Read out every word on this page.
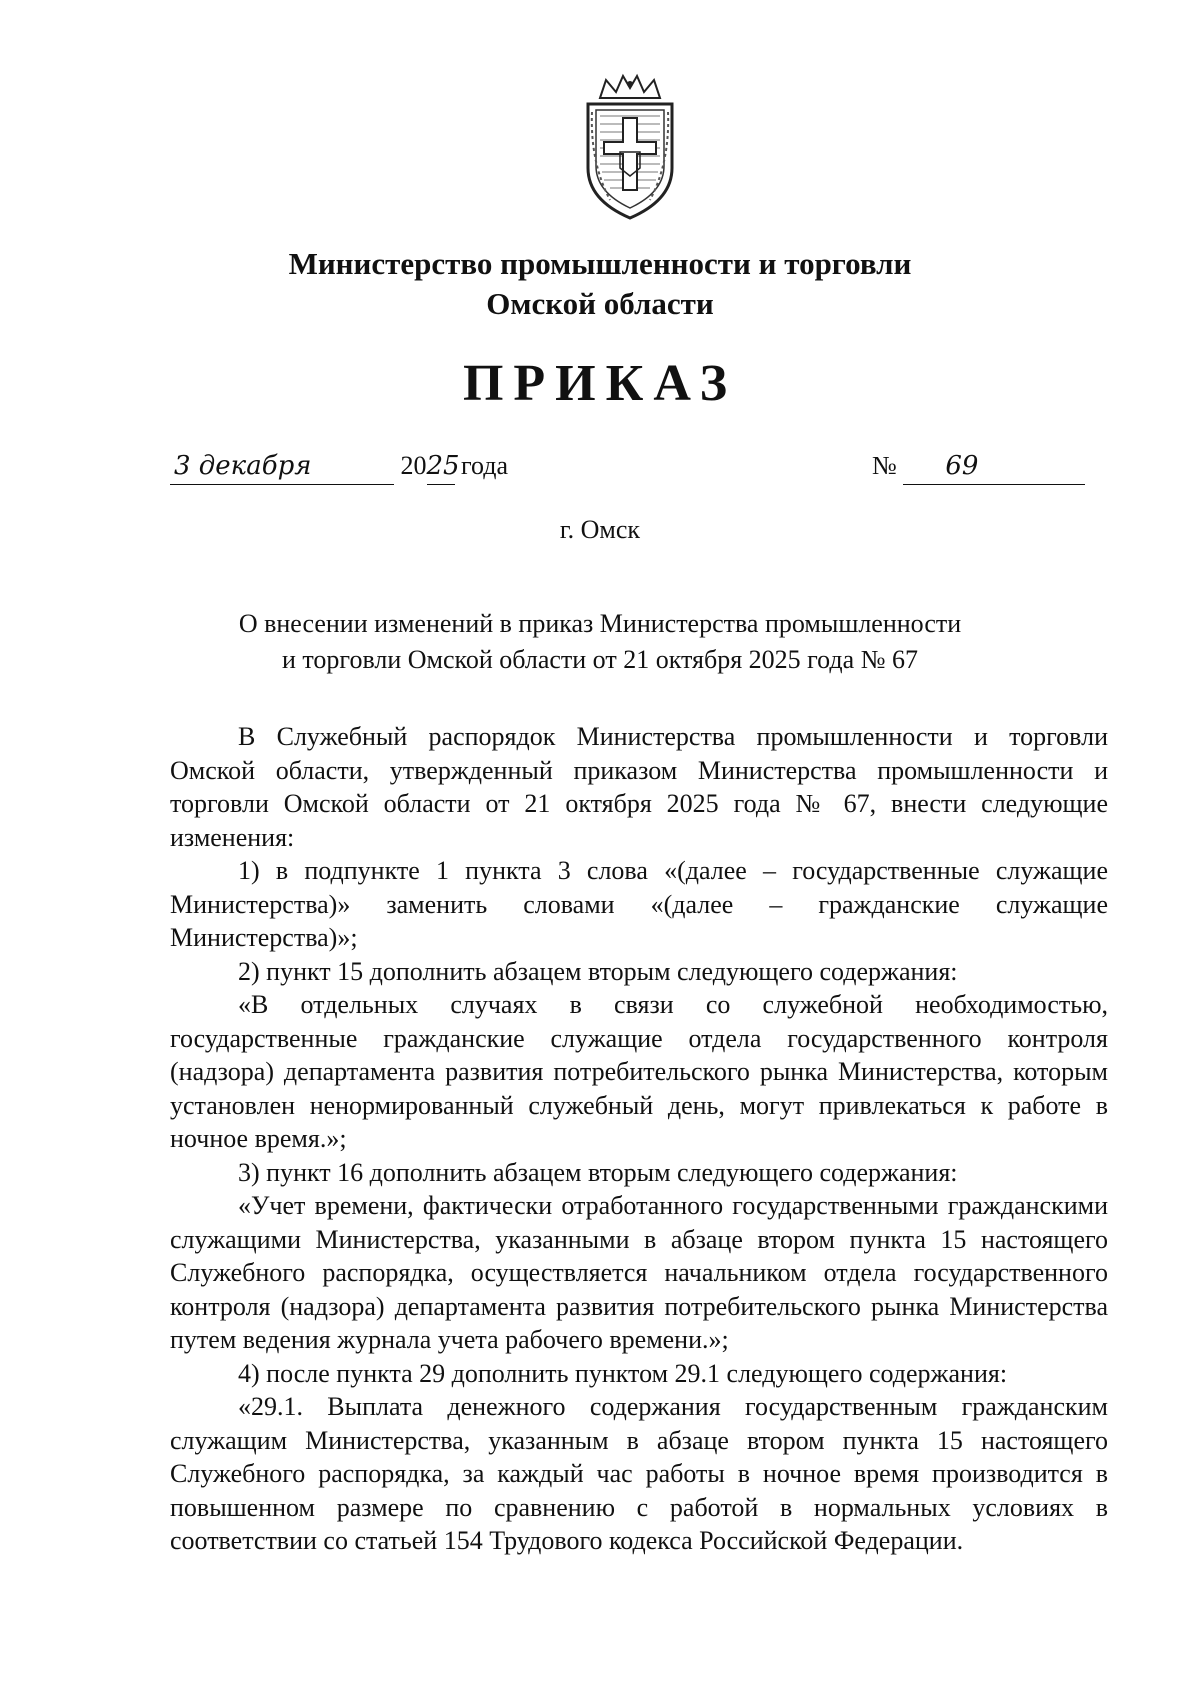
Министерство промышленности и торговли
Омской области
ПРИКАЗ
3 декабря	2025 года	№ 69
г. Омск
О внесении изменений в приказ Министерства промышленности
и торговли Омской области от 21 октября 2025 года № 67

В Служебный распорядок Министерства промышленности и торговли Омской области, утвержденный приказом Министерства промышленности и торговли Омской области от 21 октября 2025 года № 67, внести следующие изменения:

1) в подпункте 1 пункта 3 слова «(далее – государственные служащие Министерства)» заменить словами «(далее – гражданские служащие Министерства)»;

2) пункт 15 дополнить абзацем вторым следующего содержания:

«В отдельных случаях в связи со служебной необходимостью, государственные гражданские служащие отдела государственного контроля (надзора) департамента развития потребительского рынка Министерства, которым установлен ненормированный служебный день, могут привлекаться к работе в ночное время.»;

3) пункт 16 дополнить абзацем вторым следующего содержания:

«Учет времени, фактически отработанного государственными гражданскими служащими Министерства, указанными в абзаце втором пункта 15 настоящего Служебного распорядка, осуществляется начальником отдела государственного контроля (надзора) департамента развития потребительского рынка Министерства путем ведения журнала учета рабочего времени.»;

4) после пункта 29 дополнить пунктом 29.1 следующего содержания:

«29.1. Выплата денежного содержания государственным гражданским служащим Министерства, указанным в абзаце втором пункта 15 настоящего Служебного распорядка, за каждый час работы в ночное время производится в повышенном размере по сравнению с работой в нормальных условиях в соответствии со статьей 154 Трудового кодекса Российской Федерации.
